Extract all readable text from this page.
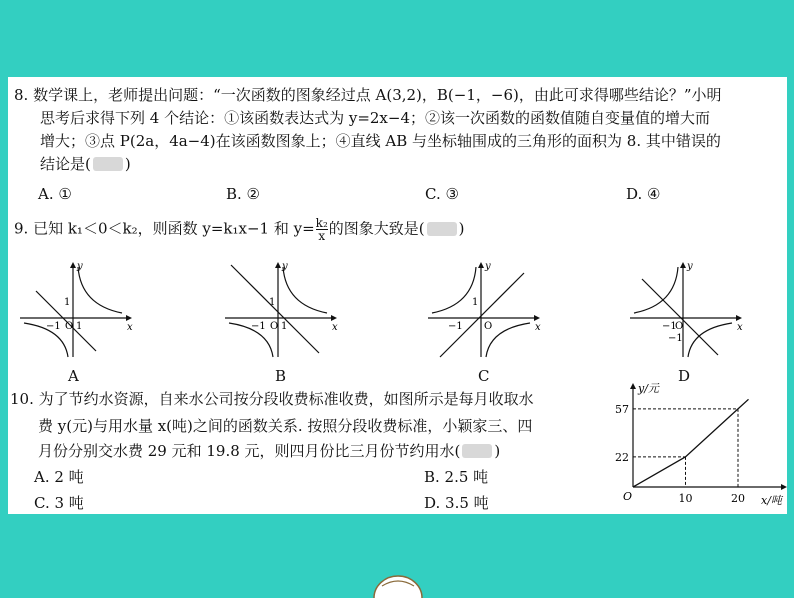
8. 数学课上，老师提出问题：“一次函数的图象经过点 A(3,2)，B(−1，−6)，由此可求得哪些结论？”小明
思考后求得下列 4 个结论：①该函数表达式为 y=2x−4；②该一次函数的函数值随自变量值的增大而
增大；③点 P(2a，4a−4)在该函数图象上；④直线 AB 与坐标轴围成的三角形的面积为 8. 其中错误的
结论是( )
A. ①	B. ②	C. ③	D. ④
9. 已知 k₁＜0＜k₂，则函数 y=k₁x−1 和 $y= \frac{\text{k₂}}{x}$ 的图象大致是( )
y
x
1
−1 O 1
A
y
x
1
−1 O 1
B
y
x
1
−1 O
C
y
x
−1
O
−1
D
10. 为了节约水资源，自来水公司按分段收费标准收费，如图所示是每月收取水
费 y(元)与用水量 x(吨)之间的函数关系. 按照分段收费标准，小颖家三、四
月份分别交水费 29 元和 19.8 元，则四月份比三月份节约用水( )
A. 2 吨	B. 2.5 吨
C. 3 吨	D. 3.5 吨
y/元
x/吨
O
57
22
10	20
